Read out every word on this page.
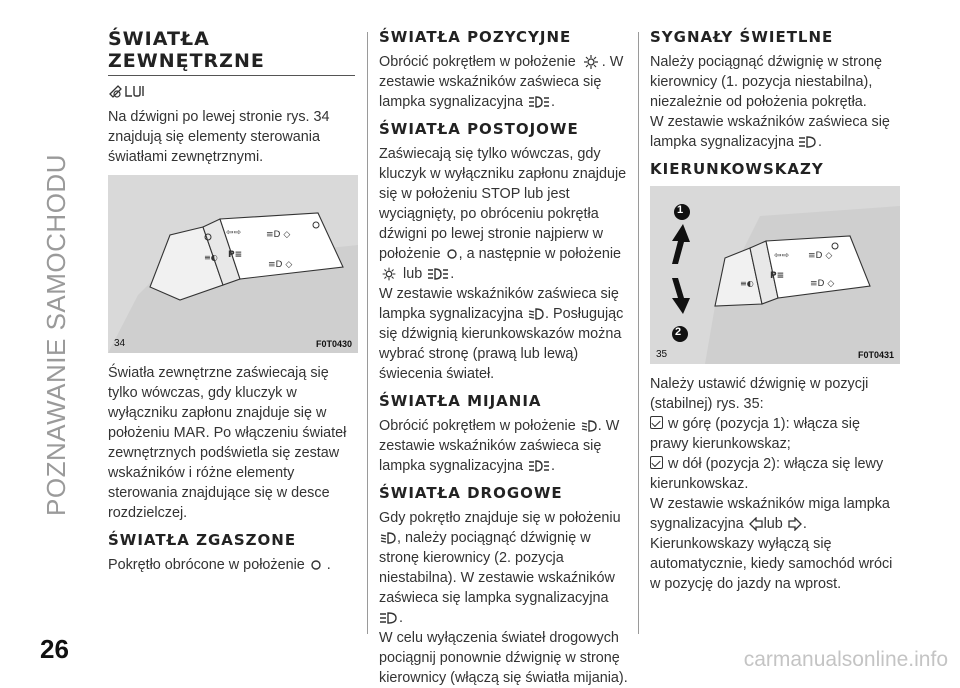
POZNAWANIE SAMOCHODU
ŚWIATŁA
ZEWNĘTRZNE

Na dźwigni po lewej stronie rys. 34 znajdują się elementy sterowania światłami zewnętrznymi.

≡◐
⇦⇨
P≡
≡D ◇
≡D ◇
34	F0T0430

Światła zewnętrzne zaświecają się tylko wówczas, gdy kluczyk w wyłączniku zapłonu znajduje się w położeniu MAR. Po włączeniu świateł zewnętrznych podświetla się zestaw wskaźników i różne elementy sterowania znajdujące się w desce rozdzielczej.

ŚWIATŁA ZGASZONE

Pokrętło obrócone w położenie .

ŚWIATŁA POZYCYJNE

Obrócić pokrętłem w położenie . W zestawie wskaźników zaświeca się lampka sygnalizacyjna .

ŚWIATŁA POSTOJOWE

Zaświecają się tylko wówczas, gdy kluczyk w wyłączniku zapłonu znajduje się w położeniu STOP lub jest wyciągnięty, po obróceniu pokrętła dźwigni po lewej stronie najpierw w położenie , a następnie w położenie
lub .

W zestawie wskaźników zaświeca się lampka sygnalizacyjna . Posługując się dźwignią kierunkowskazów można wybrać stronę (prawą lub lewą) świecenia świateł.

ŚWIATŁA MIJANIA

Obrócić pokrętłem w położenie . W zestawie wskaźników zaświeca się lampka sygnalizacyjna .

ŚWIATŁA DROGOWE

Gdy pokrętło znajduje się w położeniu
, należy pociągnąć dźwignię w stronę kierownicy (2. pozycja niestabilna). W zestawie wskaźników zaświeca się lampka sygnalizacyjna
.

W celu wyłączenia świateł drogowych pociągnij ponownie dźwignię w stronę kierownicy (włączą się światła mijania).

SYGNAŁY ŚWIETLNE

Należy pociągnąć dźwignię w stronę kierownicy (1. pozycja niestabilna), niezależnie od położenia pokrętła.

W zestawie wskaźników zaświeca się lampka sygnalizacyjna .

KIERUNKOWSKAZY
≡◐
⇦⇨
P≡
≡D ◇
≡D ◇
1
2
35	F0T0431

Należy ustawić dźwignię w pozycji (stabilnej) rys. 35:

w górę (pozycja 1): włącza się prawy kierunkowskaz;

w dół (pozycja 2): włącza się lewy kierunkowskaz.

W zestawie wskaźników miga lampka sygnalizacyjna lub .

Kierunkowskazy wyłączą się automatycznie, kiedy samochód wróci w pozycję do jazdy na wprost.

26	carmanualsonline.info
